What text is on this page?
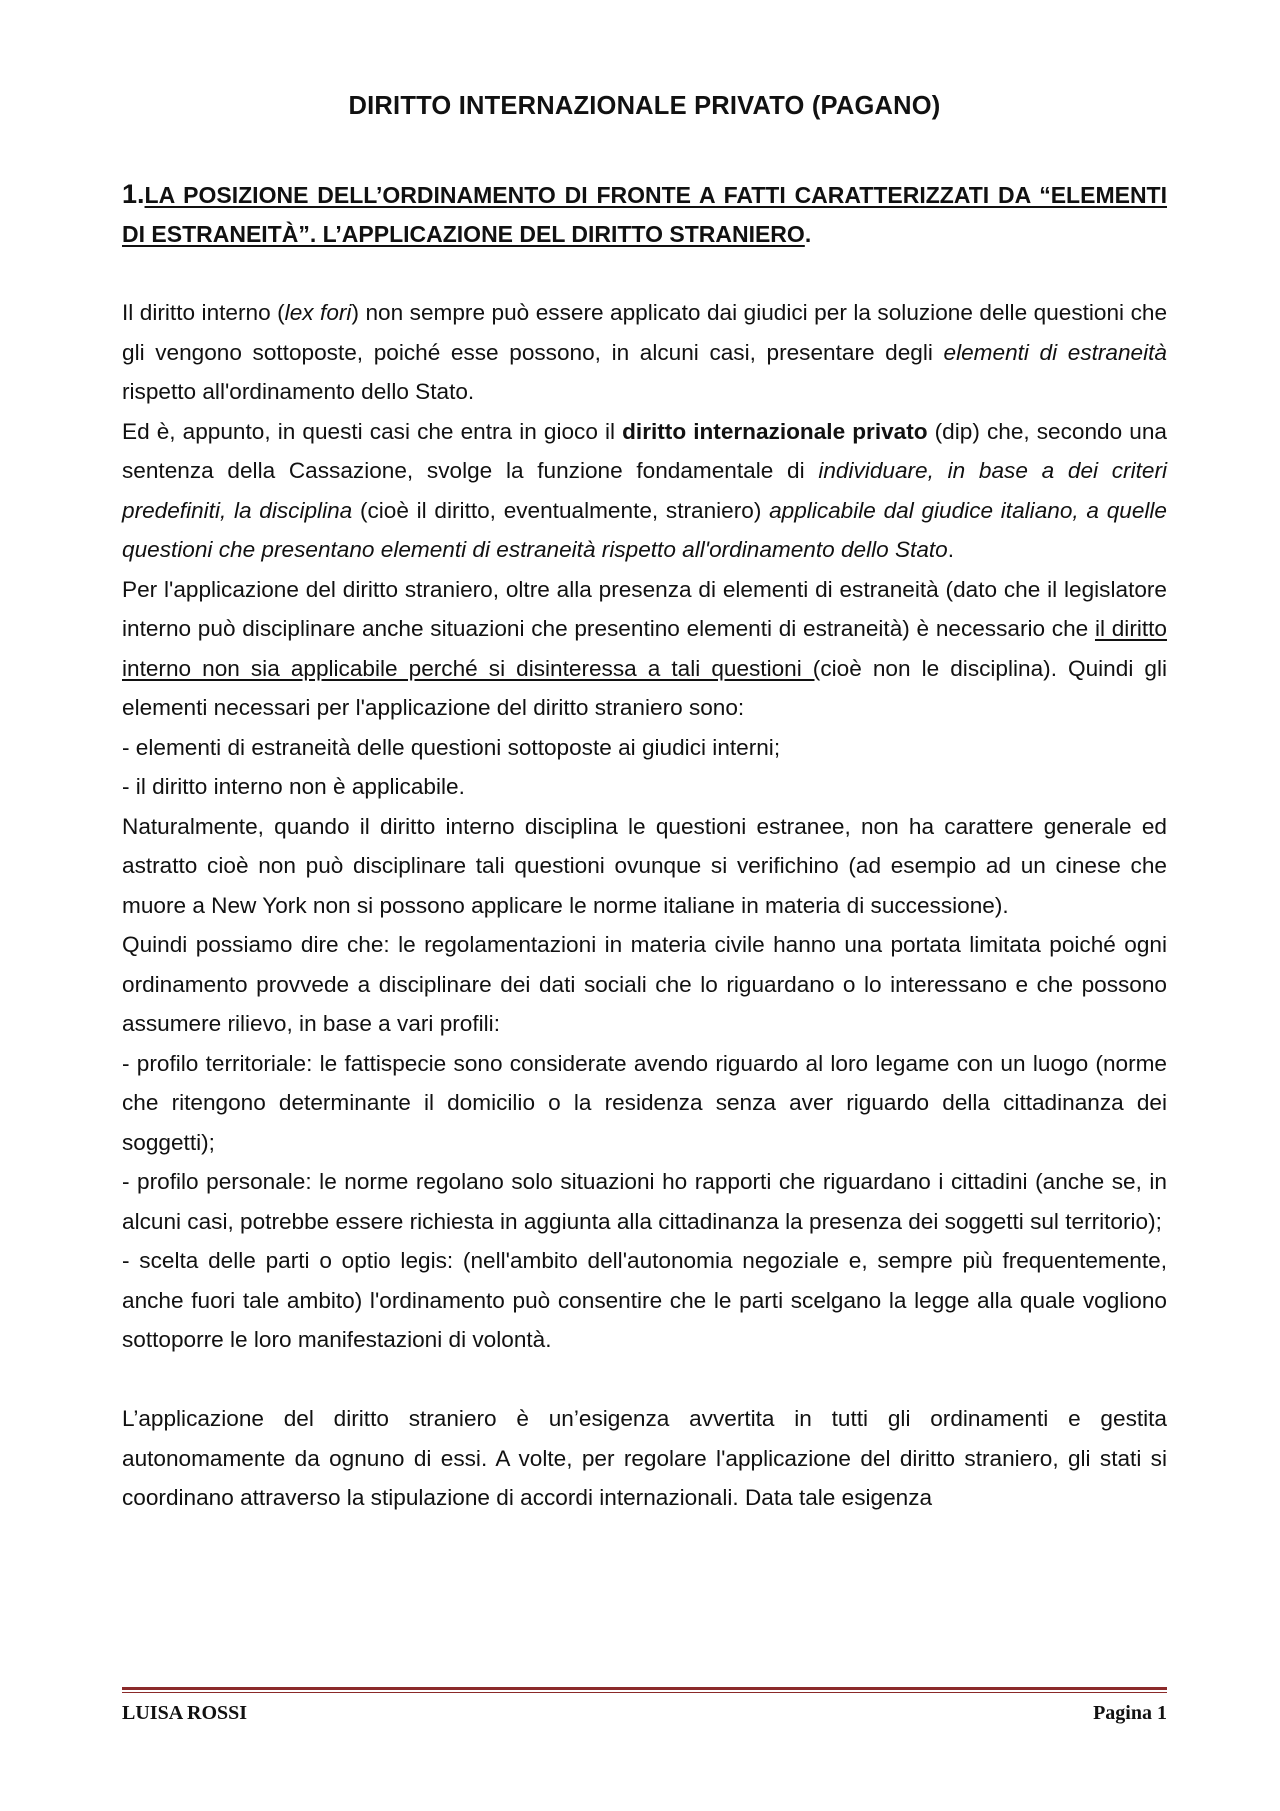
DIRITTO INTERNAZIONALE PRIVATO (PAGANO)
1.LA POSIZIONE DELL’ORDINAMENTO DI FRONTE A FATTI CARATTERIZZATI DA “ELEMENTI DI ESTRANEITÀ”. L’APPLICAZIONE DEL DIRITTO STRANIERO.

Il diritto interno (lex fori) non sempre può essere applicato dai giudici per la soluzione delle questioni che gli vengono sottoposte, poiché esse possono, in alcuni casi, presentare degli elementi di estraneità rispetto all'ordinamento dello Stato.

Ed è, appunto, in questi casi che entra in gioco il diritto internazionale privato (dip) che, secondo una sentenza della Cassazione, svolge la funzione fondamentale di individuare, in base a dei criteri predefiniti, la disciplina (cioè il diritto, eventualmente, straniero) applicabile dal giudice italiano, a quelle questioni che presentano elementi di estraneità rispetto all'ordinamento dello Stato.

Per l'applicazione del diritto straniero, oltre alla presenza di elementi di estraneità (dato che il legislatore interno può disciplinare anche situazioni che presentino elementi di estraneità) è necessario che il diritto interno non sia applicabile perché si disinteressa a tali questioni (cioè non le disciplina). Quindi gli elementi necessari per l'applicazione del diritto straniero sono:

- elementi di estraneità delle questioni sottoposte ai giudici interni;

- il diritto interno non è applicabile.

Naturalmente, quando il diritto interno disciplina le questioni estranee, non ha carattere generale ed astratto cioè non può disciplinare tali questioni ovunque si verifichino (ad esempio ad un cinese che muore a New York non si possono applicare le norme italiane in materia di successione).

Quindi possiamo dire che: le regolamentazioni in materia civile hanno una portata limitata poiché ogni ordinamento provvede a disciplinare dei dati sociali che lo riguardano o lo interessano e che possono assumere rilievo, in base a vari profili:

- profilo territoriale: le fattispecie sono considerate avendo riguardo al loro legame con un luogo (norme che ritengono determinante il domicilio o la residenza senza aver riguardo della cittadinanza dei soggetti);

- profilo personale: le norme regolano solo situazioni ho rapporti che riguardano i cittadini (anche se, in alcuni casi, potrebbe essere richiesta in aggiunta alla cittadinanza la presenza dei soggetti sul territorio);

- scelta delle parti o optio legis: (nell'ambito dell'autonomia negoziale e, sempre più frequentemente, anche fuori tale ambito) l'ordinamento può consentire che le parti scelgano la legge alla quale vogliono sottoporre le loro manifestazioni di volontà.

L’applicazione del diritto straniero è un’esigenza avvertita in tutti gli ordinamenti e gestita autonomamente da ognuno di essi. A volte, per regolare l'applicazione del diritto straniero, gli stati si coordinano attraverso la stipulazione di accordi internazionali. Data tale esigenza

LUISA ROSSI	Pagina 1
